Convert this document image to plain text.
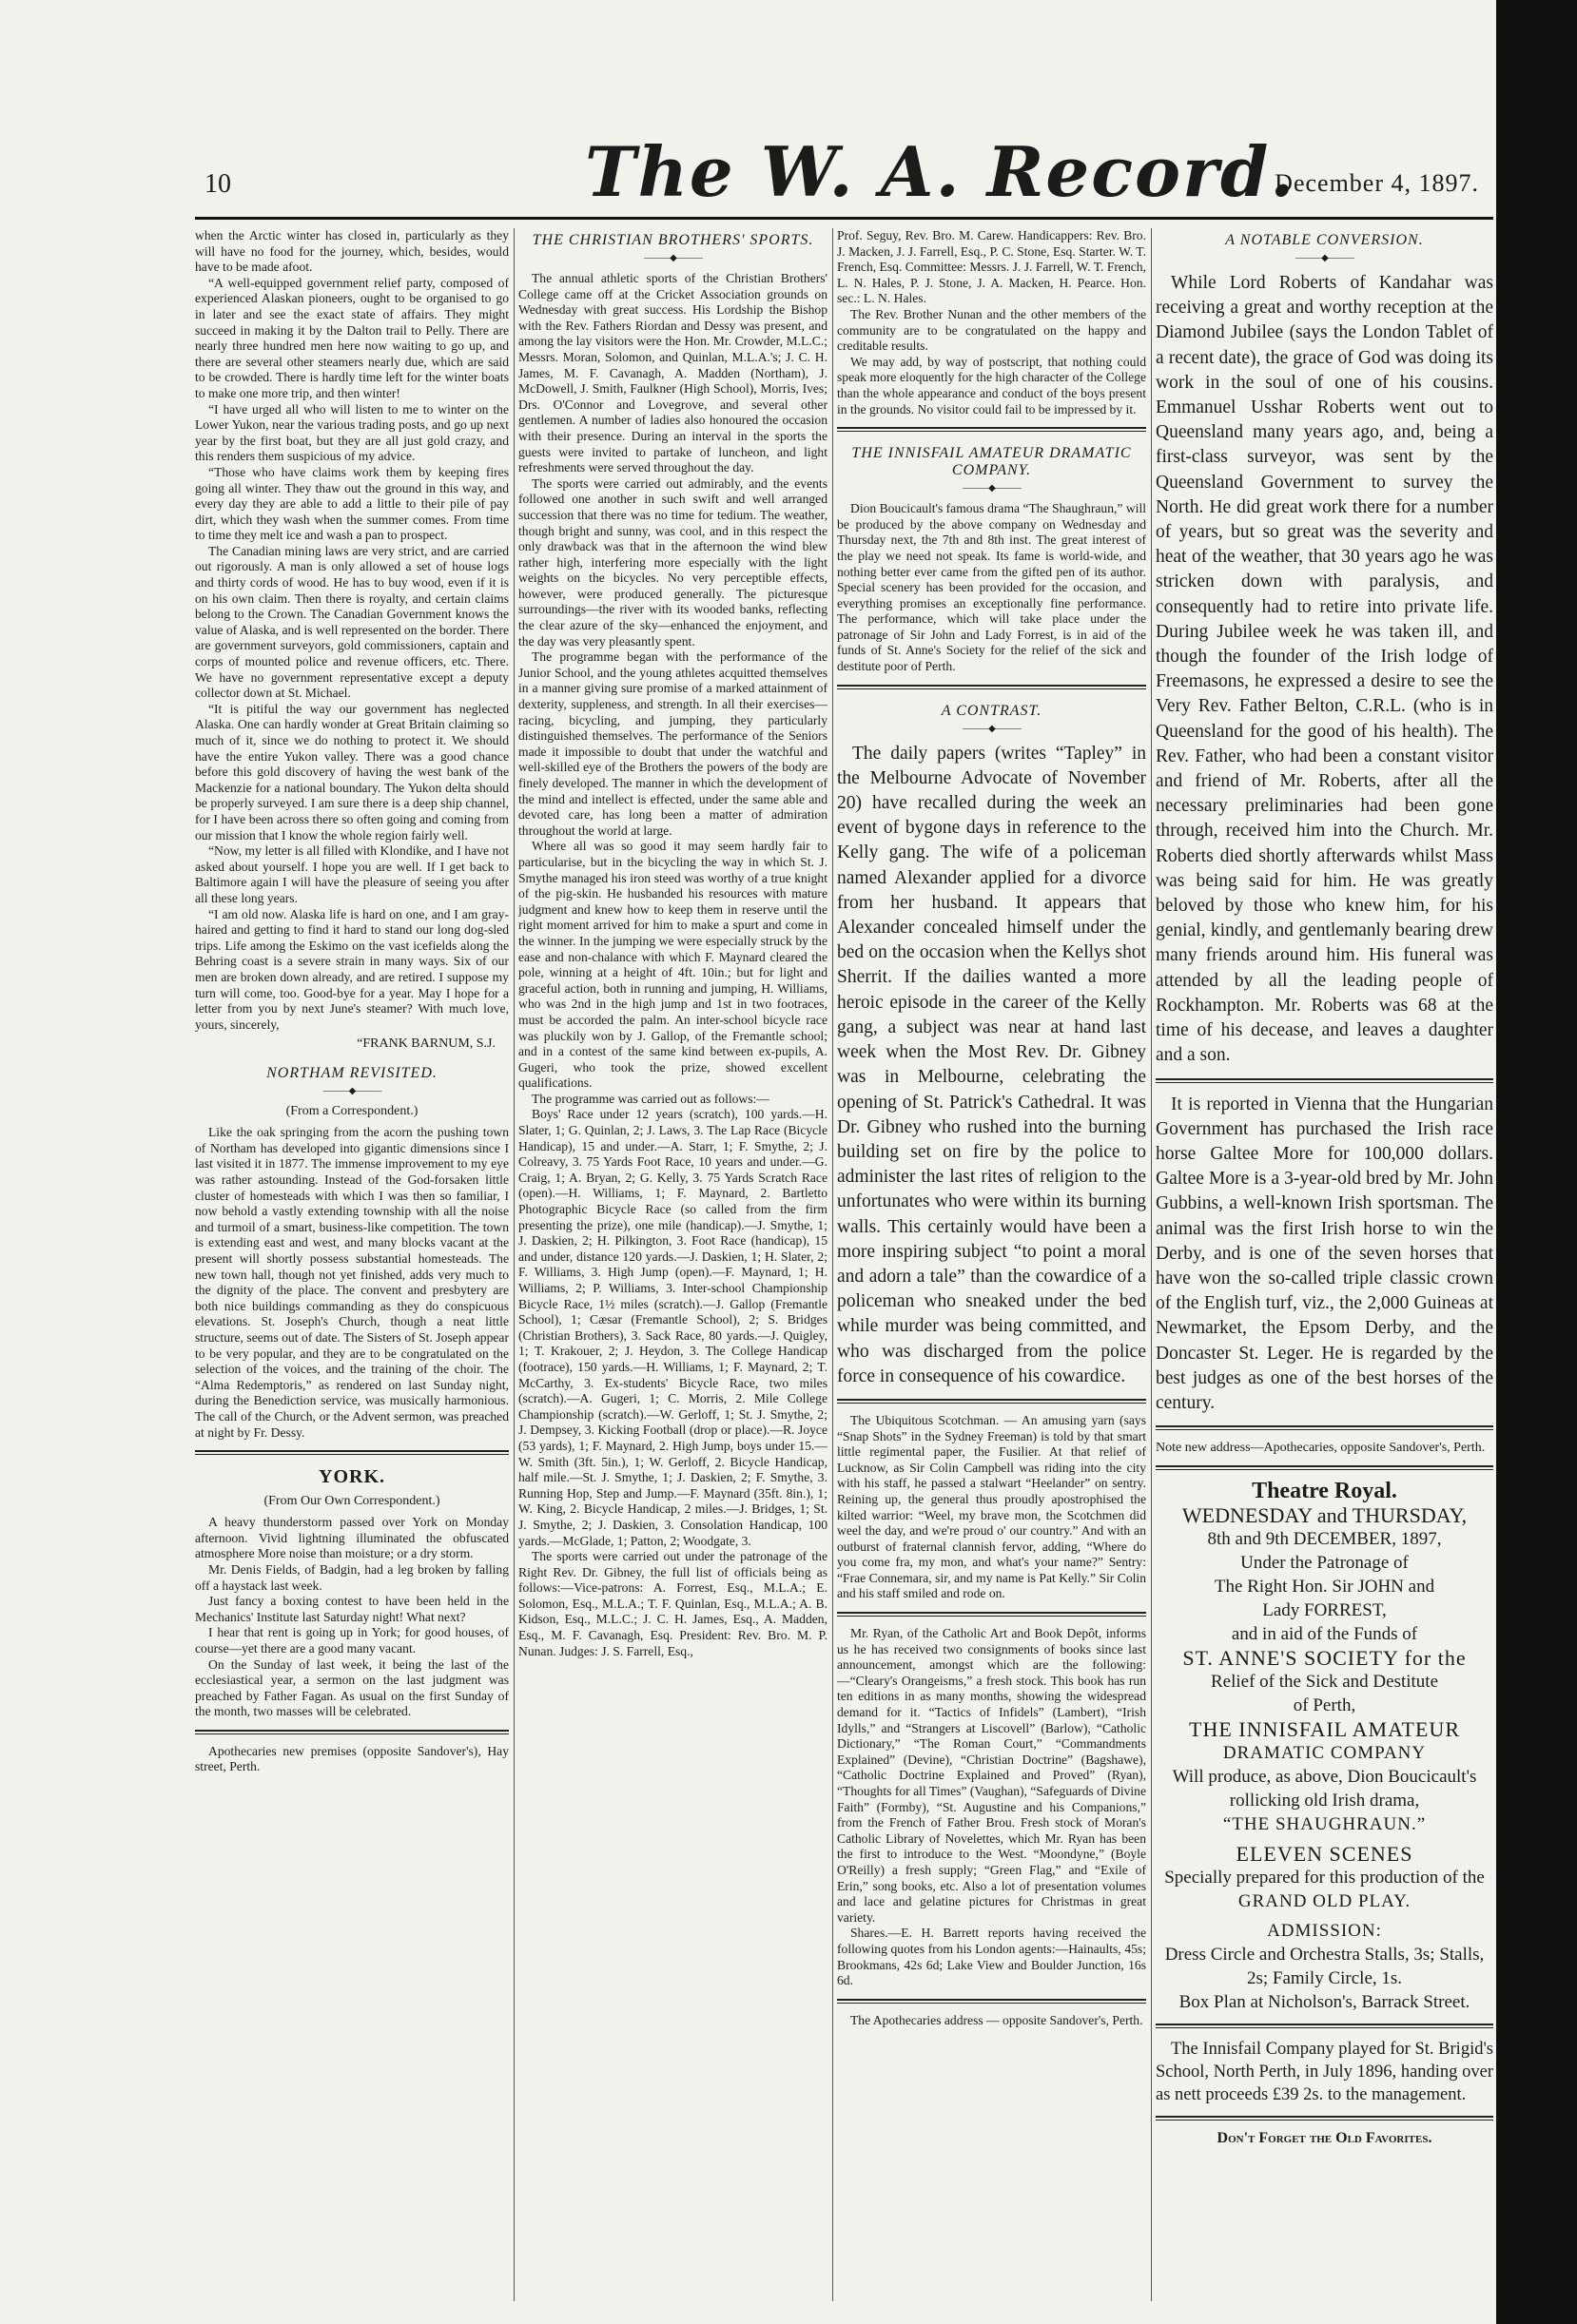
10	The W. A. Record.
December 4, 1897.

when the Arctic winter has closed in, particularly as they will have no food for the journey, which, besides, would have to be made afoot.

“A well-equipped government relief party, composed of experienced Alaskan pioneers, ought to be organised to go in later and see the exact state of affairs. They might succeed in making it by the Dalton trail to Pelly. There are nearly three hundred men here now waiting to go up, and there are several other steamers nearly due, which are said to be crowded. There is hardly time left for the winter boats to make one more trip, and then winter!

“I have urged all who will listen to me to winter on the Lower Yukon, near the various trading posts, and go up next year by the first boat, but they are all just gold crazy, and this renders them suspicious of my advice.

“Those who have claims work them by keeping fires going all winter. They thaw out the ground in this way, and every day they are able to add a little to their pile of pay dirt, which they wash when the summer comes. From time to time they melt ice and wash a pan to prospect.

The Canadian mining laws are very strict, and are carried out rigorously. A man is only allowed a set of house logs and thirty cords of wood. He has to buy wood, even if it is on his own claim. Then there is royalty, and certain claims belong to the Crown. The Canadian Government knows the value of Alaska, and is well represented on the border. There are government surveyors, gold commissioners, captain and corps of mounted police and revenue officers, etc. There. We have no government representative except a deputy collector down at St. Michael.

“It is pitiful the way our government has neglected Alaska. One can hardly wonder at Great Britain claiming so much of it, since we do nothing to protect it. We should have the entire Yukon valley. There was a good chance before this gold discovery of having the west bank of the Mackenzie for a national boundary. The Yukon delta should be properly surveyed. I am sure there is a deep ship channel, for I have been across there so often going and coming from our mission that I know the whole region fairly well.

“Now, my letter is all filled with Klondike, and I have not asked about yourself. I hope you are well. If I get back to Baltimore again I will have the pleasure of seeing you after all these long years.

“I am old now. Alaska life is hard on one, and I am gray-haired and getting to find it hard to stand our long dog-sled trips. Life among the Eskimo on the vast icefields along the Behring coast is a severe strain in many ways. Six of our men are broken down already, and are retired. I suppose my turn will come, too. Good-bye for a year. May I hope for a letter from you by next June's steamer? With much love, yours, sincerely,

“FRANK BARNUM, S.J.
NORTHAM REVISITED.
———◆———
(From a Correspondent.)

Like the oak springing from the acorn the pushing town of Northam has developed into gigantic dimensions since I last visited it in 1877. The immense improvement to my eye was rather astounding. Instead of the God-forsaken little cluster of homesteads with which I was then so familiar, I now behold a vastly extending township with all the noise and turmoil of a smart, business-like competition. The town is extending east and west, and many blocks vacant at the present will shortly possess substantial homesteads. The new town hall, though not yet finished, adds very much to the dignity of the place. The convent and presbytery are both nice buildings commanding as they do conspicuous elevations. St. Joseph's Church, though a neat little structure, seems out of date. The Sisters of St. Joseph appear to be very popular, and they are to be congratulated on the selection of the voices, and the training of the choir. The “Alma Redemptoris,” as rendered on last Sunday night, during the Benediction service, was musically harmonious. The call of the Church, or the Advent sermon, was preached at night by Fr. Dessy.

YORK.
(From Our Own Correspondent.)

A heavy thunderstorm passed over York on Monday afternoon. Vivid lightning illuminated the obfuscated atmosphere More noise than moisture; or a dry storm.

Mr. Denis Fields, of Badgin, had a leg broken by falling off a haystack last week.

Just fancy a boxing contest to have been held in the Mechanics' Institute last Saturday night! What next?

I hear that rent is going up in York; for good houses, of course—yet there are a good many vacant.

On the Sunday of last week, it being the last of the ecclesiastical year, a sermon on the last judgment was preached by Father Fagan. As usual on the first Sunday of the month, two masses will be celebrated.

Apothecaries new premises (opposite Sandover's), Hay street, Perth.

THE CHRISTIAN BROTHERS' SPORTS.
———◆———

The annual athletic sports of the Christian Brothers' College came off at the Cricket Association grounds on Wednesday with great success. His Lordship the Bishop with the Rev. Fathers Riordan and Dessy was present, and among the lay visitors were the Hon. Mr. Crowder, M.L.C.; Messrs. Moran, Solomon, and Quinlan, M.L.A.'s; J. C. H. James, M. F. Cavanagh, A. Madden (Northam), J. McDowell, J. Smith, Faulkner (High School), Morris, Ives; Drs. O'Connor and Lovegrove, and several other gentlemen. A number of ladies also honoured the occasion with their presence. During an interval in the sports the guests were invited to partake of luncheon, and light refreshments were served throughout the day.

The sports were carried out admirably, and the events followed one another in such swift and well arranged succession that there was no time for tedium. The weather, though bright and sunny, was cool, and in this respect the only drawback was that in the afternoon the wind blew rather high, interfering more especially with the light weights on the bicycles. No very perceptible effects, however, were produced generally. The picturesque surroundings—the river with its wooded banks, reflecting the clear azure of the sky—enhanced the enjoyment, and the day was very pleasantly spent.

The programme began with the performance of the Junior School, and the young athletes acquitted themselves in a manner giving sure promise of a marked attainment of dexterity, suppleness, and strength. In all their exercises—racing, bicycling, and jumping, they particularly distinguished themselves. The performance of the Seniors made it impossible to doubt that under the watchful and well-skilled eye of the Brothers the powers of the body are finely developed. The manner in which the development of the mind and intellect is effected, under the same able and devoted care, has long been a matter of admiration throughout the world at large.

Where all was so good it may seem hardly fair to particularise, but in the bicycling the way in which St. J. Smythe managed his iron steed was worthy of a true knight of the pig-skin. He husbanded his resources with mature judgment and knew how to keep them in reserve until the right moment arrived for him to make a spurt and come in the winner. In the jumping we were especially struck by the ease and non-chalance with which F. Maynard cleared the pole, winning at a height of 4ft. 10in.; but for light and graceful action, both in running and jumping, H. Williams, who was 2nd in the high jump and 1st in two footraces, must be accorded the palm. An inter-school bicycle race was pluckily won by J. Gallop, of the Fremantle school; and in a contest of the same kind between ex-pupils, A. Gugeri, who took the prize, showed excellent qualifications.

The programme was carried out as follows:—

Boys' Race under 12 years (scratch), 100 yards.—H. Slater, 1; G. Quinlan, 2; J. Laws, 3. The Lap Race (Bicycle Handicap), 15 and under.—A. Starr, 1; F. Smythe, 2; J. Colreavy, 3. 75 Yards Foot Race, 10 years and under.—G. Craig, 1; A. Bryan, 2; G. Kelly, 3. 75 Yards Scratch Race (open).—H. Williams, 1; F. Maynard, 2. Bartletto Photographic Bicycle Race (so called from the firm presenting the prize), one mile (handicap).—J. Smythe, 1; J. Daskien, 2; H. Pilkington, 3. Foot Race (handicap), 15 and under, distance 120 yards.—J. Daskien, 1; H. Slater, 2; F. Williams, 3. High Jump (open).—F. Maynard, 1; H. Williams, 2; P. Williams, 3. Inter-school Championship Bicycle Race, 1½ miles (scratch).—J. Gallop (Fremantle School), 1; Cæsar (Fremantle School), 2; S. Bridges (Christian Brothers), 3. Sack Race, 80 yards.—J. Quigley, 1; T. Krakouer, 2; J. Heydon, 3. The College Handicap (footrace), 150 yards.—H. Williams, 1; F. Maynard, 2; T. McCarthy, 3. Ex-students' Bicycle Race, two miles (scratch).—A. Gugeri, 1; C. Morris, 2. Mile College Championship (scratch).—W. Gerloff, 1; St. J. Smythe, 2; J. Dempsey, 3. Kicking Football (drop or place).—R. Joyce (53 yards), 1; F. Maynard, 2. High Jump, boys under 15.—W. Smith (3ft. 5in.), 1; W. Gerloff, 2. Bicycle Handicap, half mile.—St. J. Smythe, 1; J. Daskien, 2; F. Smythe, 3. Running Hop, Step and Jump.—F. Maynard (35ft. 8in.), 1; W. King, 2. Bicycle Handicap, 2 miles.—J. Bridges, 1; St. J. Smythe, 2; J. Daskien, 3. Consolation Handicap, 100 yards.—McGlade, 1; Patton, 2; Woodgate, 3.

The sports were carried out under the patronage of the Right Rev. Dr. Gibney, the full list of officials being as follows:—Vice-patrons: A. Forrest, Esq., M.L.A.; E. Solomon, Esq., M.L.A.; T. F. Quinlan, Esq., M.L.A.; A. B. Kidson, Esq., M.L.C.; J. C. H. James, Esq., A. Madden, Esq., M. F. Cavanagh, Esq. President: Rev. Bro. M. P. Nunan. Judges: J. S. Farrell, Esq.,

Prof. Seguy, Rev. Bro. M. Carew. Handicappers: Rev. Bro. J. Macken, J. J. Farrell, Esq., P. C. Stone, Esq. Starter. W. T. French, Esq. Committee: Messrs. J. J. Farrell, W. T. French, L. N. Hales, P. J. Stone, J. A. Macken, H. Pearce. Hon. sec.: L. N. Hales.

The Rev. Brother Nunan and the other members of the community are to be congratulated on the happy and creditable results.

We may add, by way of postscript, that nothing could speak more eloquently for the high character of the College than the whole appearance and conduct of the boys present in the grounds. No visitor could fail to be impressed by it.

THE INNISFAIL AMATEUR DRAMATIC COMPANY.
———◆———

Dion Boucicault's famous drama “The Shaughraun,” will be produced by the above company on Wednesday and Thursday next, the 7th and 8th inst. The great interest of the play we need not speak. Its fame is world-wide, and nothing better ever came from the gifted pen of its author. Special scenery has been provided for the occasion, and everything promises an exceptionally fine performance. The performance, which will take place under the patronage of Sir John and Lady Forrest, is in aid of the funds of St. Anne's Society for the relief of the sick and destitute poor of Perth.

A CONTRAST.
———◆———

The daily papers (writes “Tapley” in the Melbourne Advocate of November 20) have recalled during the week an event of bygone days in reference to the Kelly gang. The wife of a policeman named Alexander applied for a divorce from her husband. It appears that Alexander concealed himself under the bed on the occasion when the Kellys shot Sherrit. If the dailies wanted a more heroic episode in the career of the Kelly gang, a subject was near at hand last week when the Most Rev. Dr. Gibney was in Melbourne, celebrating the opening of St. Patrick's Cathedral. It was Dr. Gibney who rushed into the burning building set on fire by the police to administer the last rites of religion to the unfortunates who were within its burning walls. This certainly would have been a more inspiring subject “to point a moral and adorn a tale” than the cowardice of a policeman who sneaked under the bed while murder was being committed, and who was discharged from the police force in consequence of his cowardice.

The Ubiquitous Scotchman. — An amusing yarn (says “Snap Shots” in the Sydney Freeman) is told by that smart little regimental paper, the Fusilier. At that relief of Lucknow, as Sir Colin Campbell was riding into the city with his staff, he passed a stalwart “Heelander” on sentry. Reining up, the general thus proudly apostrophised the kilted warrior: “Weel, my brave mon, the Scotchmen did weel the day, and we're proud o' our country.” And with an outburst of fraternal clannish fervor, adding, “Where do you come fra, my mon, and what's your name?” Sentry: “Frae Connemara, sir, and my name is Pat Kelly.” Sir Colin and his staff smiled and rode on.

Mr. Ryan, of the Catholic Art and Book Depôt, informs us he has received two consignments of books since last announcement, amongst which are the following:—“Cleary's Orangeisms,” a fresh stock. This book has run ten editions in as many months, showing the widespread demand for it. “Tactics of Infidels” (Lambert), “Irish Idylls,” and “Strangers at Liscovell” (Barlow), “Catholic Dictionary,” “The Roman Court,” “Commandments Explained” (Devine), “Christian Doctrine” (Bagshawe), “Catholic Doctrine Explained and Proved” (Ryan), “Thoughts for all Times” (Vaughan), “Safeguards of Divine Faith” (Formby), “St. Augustine and his Companions,” from the French of Father Brou. Fresh stock of Moran's Catholic Library of Novelettes, which Mr. Ryan has been the first to introduce to the West. “Moondyne,” (Boyle O'Reilly) a fresh supply; “Green Flag,” and “Exile of Erin,” song books, etc. Also a lot of presentation volumes and lace and gelatine pictures for Christmas in great variety.

Shares.—E. H. Barrett reports having received the following quotes from his London agents:—Hainaults, 45s; Brookmans, 42s 6d; Lake View and Boulder Junction, 16s 6d.

The Apothecaries address — opposite Sandover's, Perth.

A NOTABLE CONVERSION.
———◆———

While Lord Roberts of Kandahar was receiving a great and worthy reception at the Diamond Jubilee (says the London Tablet of a recent date), the grace of God was doing its work in the soul of one of his cousins. Emmanuel Usshar Roberts went out to Queensland many years ago, and, being a first-class surveyor, was sent by the Queensland Government to survey the North. He did great work there for a number of years, but so great was the severity and heat of the weather, that 30 years ago he was stricken down with paralysis, and consequently had to retire into private life. During Jubilee week he was taken ill, and though the founder of the Irish lodge of Freemasons, he expressed a desire to see the Very Rev. Father Belton, C.R.L. (who is in Queensland for the good of his health). The Rev. Father, who had been a constant visitor and friend of Mr. Roberts, after all the necessary preliminaries had been gone through, received him into the Church. Mr. Roberts died shortly afterwards whilst Mass was being said for him. He was greatly beloved by those who knew him, for his genial, kindly, and gentlemanly bearing drew many friends around him. His funeral was attended by all the leading people of Rockhampton. Mr. Roberts was 68 at the time of his decease, and leaves a daughter and a son.

It is reported in Vienna that the Hungarian Government has purchased the Irish race horse Galtee More for 100,000 dollars. Galtee More is a 3-year-old bred by Mr. John Gubbins, a well-known Irish sportsman. The animal was the first Irish horse to win the Derby, and is one of the seven horses that have won the so-called triple classic crown of the English turf, viz., the 2,000 Guineas at Newmarket, the Epsom Derby, and the Doncaster St. Leger. He is regarded by the best judges as one of the best horses of the century.

Note new address—Apothecaries, opposite Sandover's, Perth.
Theatre Royal.
WEDNESDAY and THURSDAY,
8th and 9th DECEMBER, 1897,
Under the Patronage of
The Right Hon. Sir JOHN and
Lady FORREST,
and in aid of the Funds of
ST. ANNE'S SOCIETY for the
Relief of the Sick and Destitute
of Perth,
THE INNISFAIL AMATEUR
DRAMATIC COMPANY
Will produce, as above, Dion Boucicault's rollicking old Irish drama,
“THE SHAUGHRAUN.”
ELEVEN SCENES
Specially prepared for this production of the
GRAND OLD PLAY.
ADMISSION:
Dress Circle and Orchestra Stalls, 3s; Stalls, 2s; Family Circle, 1s.
Box Plan at Nicholson's, Barrack Street.

The Innisfail Company played for St. Brigid's School, North Perth, in July 1896, handing over as nett proceeds £39 2s. to the management.

Don't Forget the Old Favorites.
